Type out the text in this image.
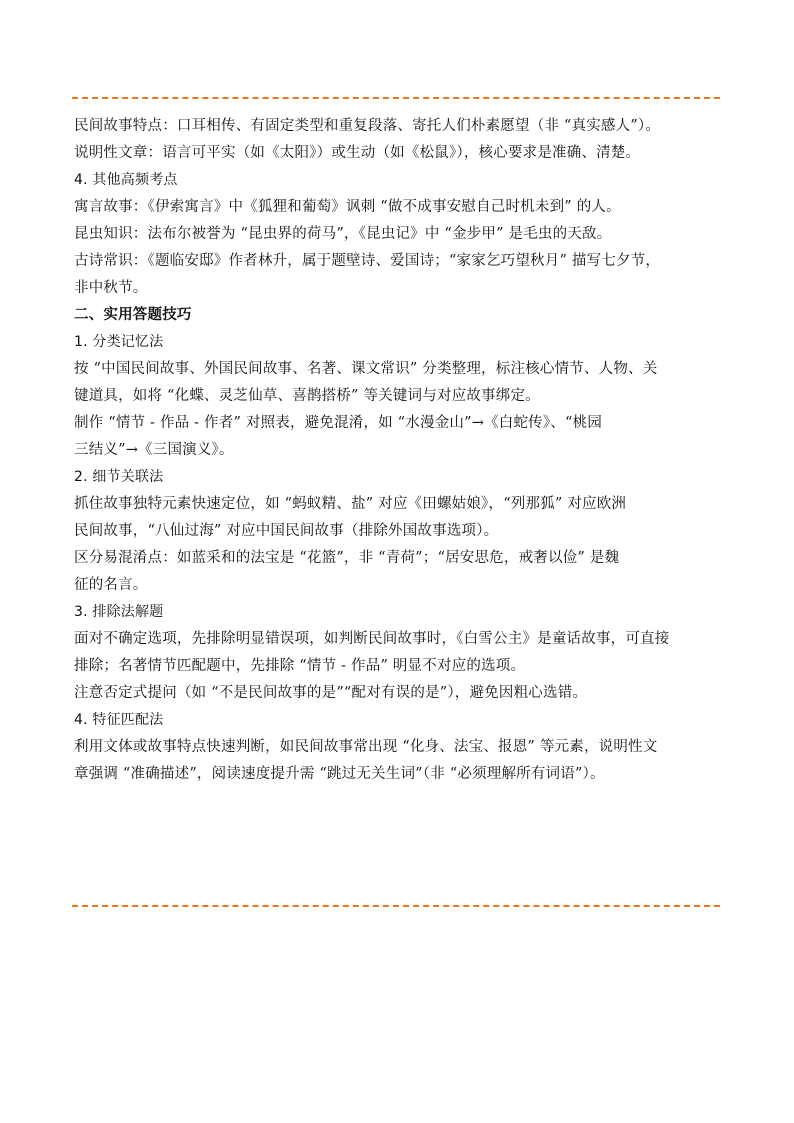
民间故事特点：口耳相传、有固定类型和重复段落、寄托人们朴素愿望（非 “真实感人”）。

说明性文章：语言可平实（如《太阳》）或生动（如《松鼠》），核心要求是准确、清楚。

4. 其他高频考点

寓言故事：《伊索寓言》中《狐狸和葡萄》讽刺 “做不成事安慰自己时机未到” 的人。

昆虫知识：法布尔被誉为 “昆虫界的荷马”，《昆虫记》中 “金步甲” 是毛虫的天敌。

古诗常识：《题临安邸》作者林升，属于题壁诗、爱国诗；“家家乞巧望秋月” 描写七夕节，

非中秋节。

二、实用答题技巧

1. 分类记忆法

按 “中国民间故事、外国民间故事、名著、课文常识” 分类整理，标注核心情节、人物、关

键道具，如将 “化蝶、灵芝仙草、喜鹊搭桥” 等关键词与对应故事绑定。

制作 “情节 - 作品 - 作者” 对照表，避免混淆，如 “水漫金山”→《白蛇传》、“桃园

三结义”→《三国演义》。

2. 细节关联法

抓住故事独特元素快速定位，如 “蚂蚁精、盐” 对应《田螺姑娘》，“列那狐” 对应欧洲

民间故事，“八仙过海” 对应中国民间故事（排除外国故事选项）。

区分易混淆点：如蓝采和的法宝是 “花篮”，非 “青荷”；“居安思危，戒奢以俭” 是魏

征的名言。

3. 排除法解题

面对不确定选项，先排除明显错误项，如判断民间故事时，《白雪公主》是童话故事，可直接

排除；名著情节匹配题中，先排除 “情节 - 作品” 明显不对应的选项。

注意否定式提问（如 “不是民间故事的是”“配对有误的是”），避免因粗心选错。

4. 特征匹配法

利用文体或故事特点快速判断，如民间故事常出现 “化身、法宝、报恩” 等元素，说明性文

章强调 “准确描述”，阅读速度提升需 “跳过无关生词”（非 “必须理解所有词语”）。
